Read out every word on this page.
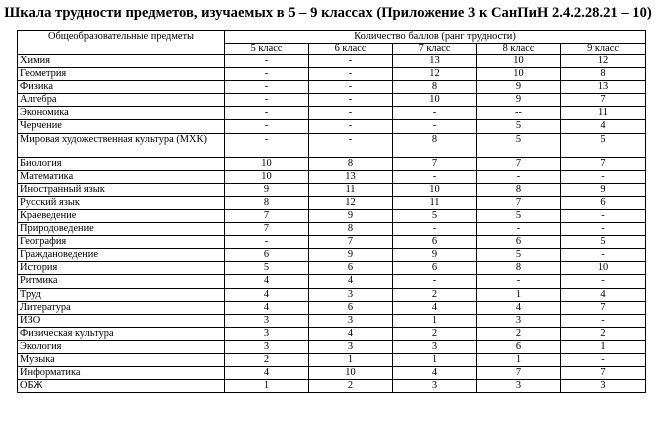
Шкала трудности предметов, изучаемых в 5 – 9 классах (Приложение 3 к СанПиН 2.4.2.28.21 – 10)
Общеобразовательные предметы	Количество баллов (ранг трудности)				
	5 класс	6 класс	7 класс	8 класс	9 класс
Химия	-	-	13	10	12
Геометрия	-	-	12	10	8
Физика	-	-	8	9	13
Алгебра	-	-	10	9	7
Экономика	-	-	-	--	11
Черчение	-	-	-	5	4
Мировая художественная культура (МХК)	-	-	8	5	5
Биология	10	8	7	7	7
Математика	10	13	-	-	-
Иностранный язык	9	11	10	8	9
Русский язык	8	12	11	7	6
Краеведение	7	9	5	5	-
Природоведение	7	8	-	-	-
География	-	7	6	6	5
Граждановедение	6	9	9	5	-
История	5	6	6	8	10
Ритмика	4	4	-	-	-
Труд	4	3	2	1	4
Литература	4	6	4	4	7
ИЗО	3	3	1	3	-
Физическая культура	3	4	2	2	2
Экология	3	3	3	6	1
Музыка	2	1	1	1	-
Информатика	4	10	4	7	7
ОБЖ	1	2	3	3	3
